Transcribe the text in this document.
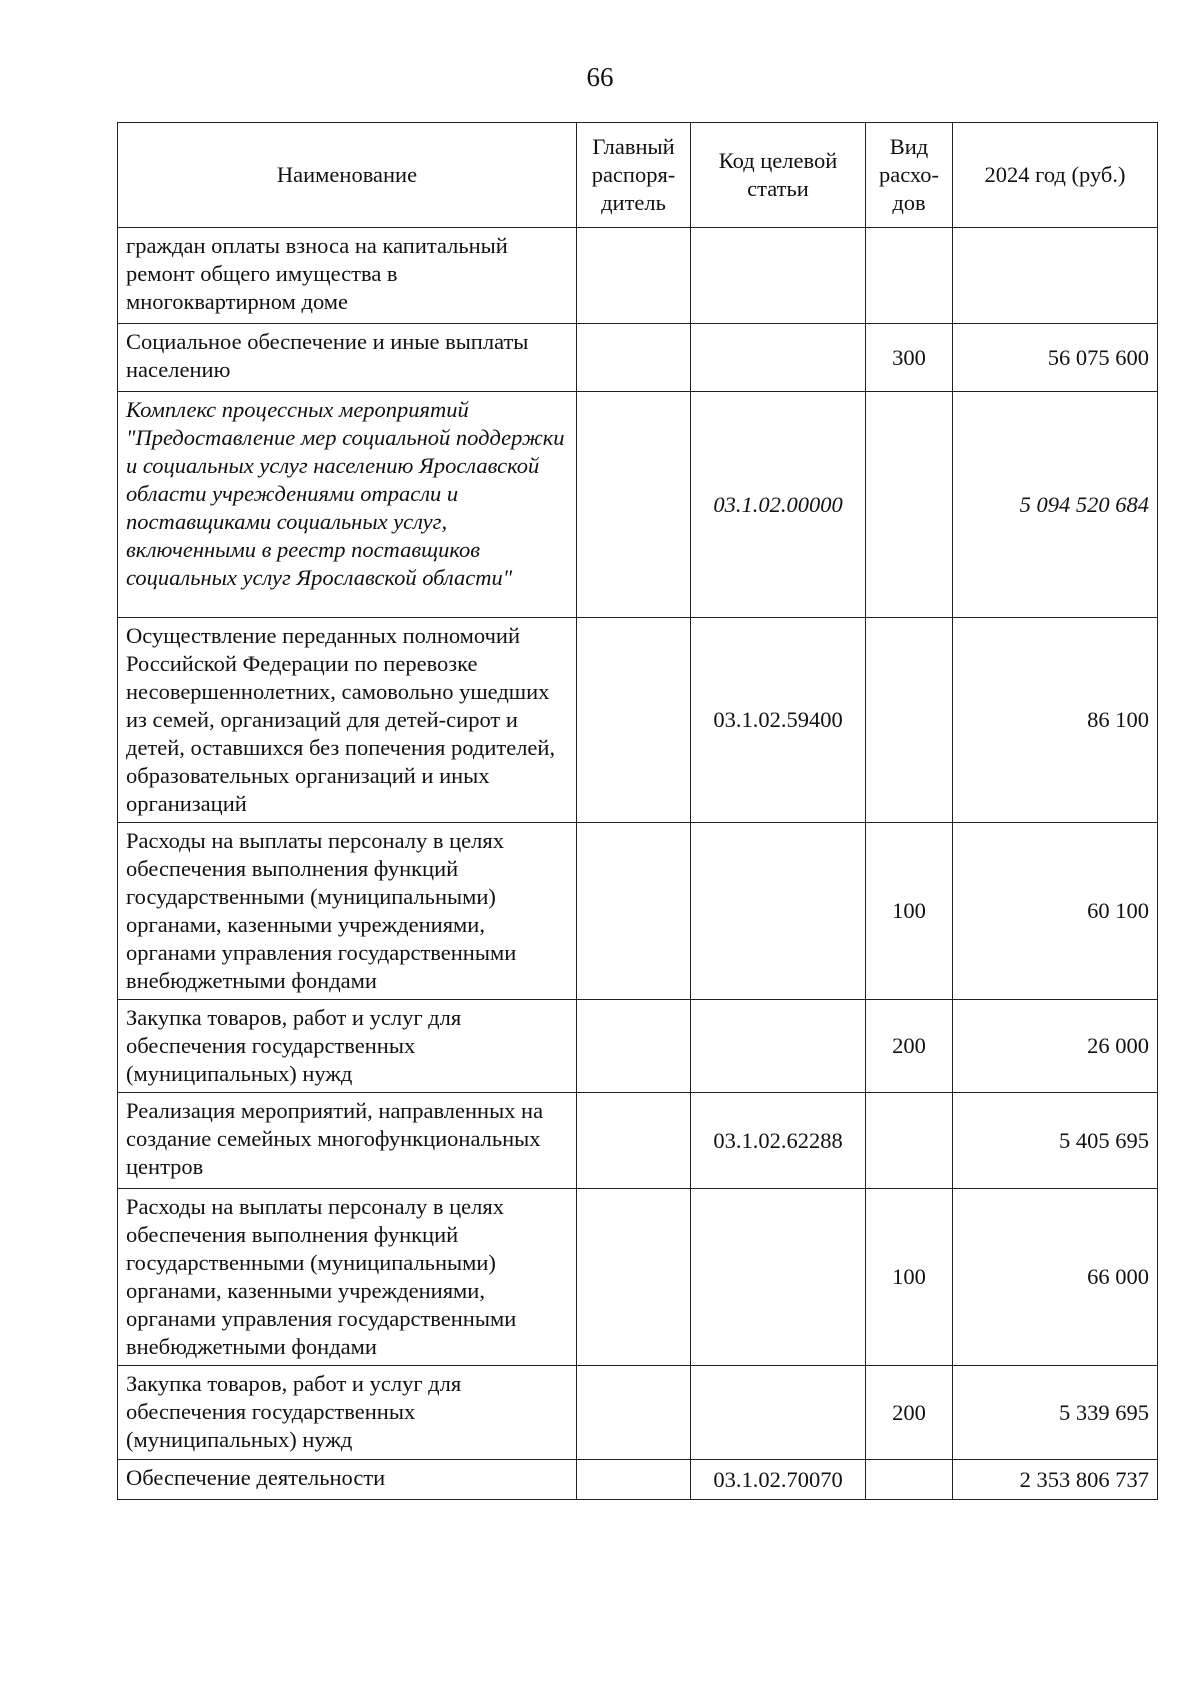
66
Наименование	Главный распоря-дитель	Код целевой статьи	Вид расхо-дов	2024 год (руб.)
граждан оплаты взноса на капитальный ремонт общего имущества в многоквартирном доме				
Социальное обеспечение и иные выплаты населению			300	56 075 600
Комплекс процессных мероприятий "Предоставление мер социальной поддержки и социальных услуг населению Ярославской области учреждениями отрасли и поставщиками социальных услуг, включенными в реестр поставщиков социальных услуг Ярославской области"		03.1.02.00000		5 094 520 684
Осуществление переданных полномочий Российской Федерации по перевозке несовершеннолетних, самовольно ушедших из семей, организаций для детей-сирот и детей, оставшихся без попечения родителей, образовательных организаций и иных организаций		03.1.02.59400		86 100
Расходы на выплаты персоналу в целях обеспечения выполнения функций государственными (муниципальными) органами, казенными учреждениями, органами управления государственными внебюджетными фондами			100	60 100
Закупка товаров, работ и услуг для обеспечения государственных (муниципальных) нужд			200	26 000
Реализация мероприятий, направленных на создание семейных многофункциональных центров		03.1.02.62288		5 405 695
Расходы на выплаты персоналу в целях обеспечения выполнения функций государственными (муниципальными) органами, казенными учреждениями, органами управления государственными внебюджетными фондами			100	66 000
Закупка товаров, работ и услуг для обеспечения государственных (муниципальных) нужд			200	5 339 695
Обеспечение деятельности		03.1.02.70070		2 353 806 737
